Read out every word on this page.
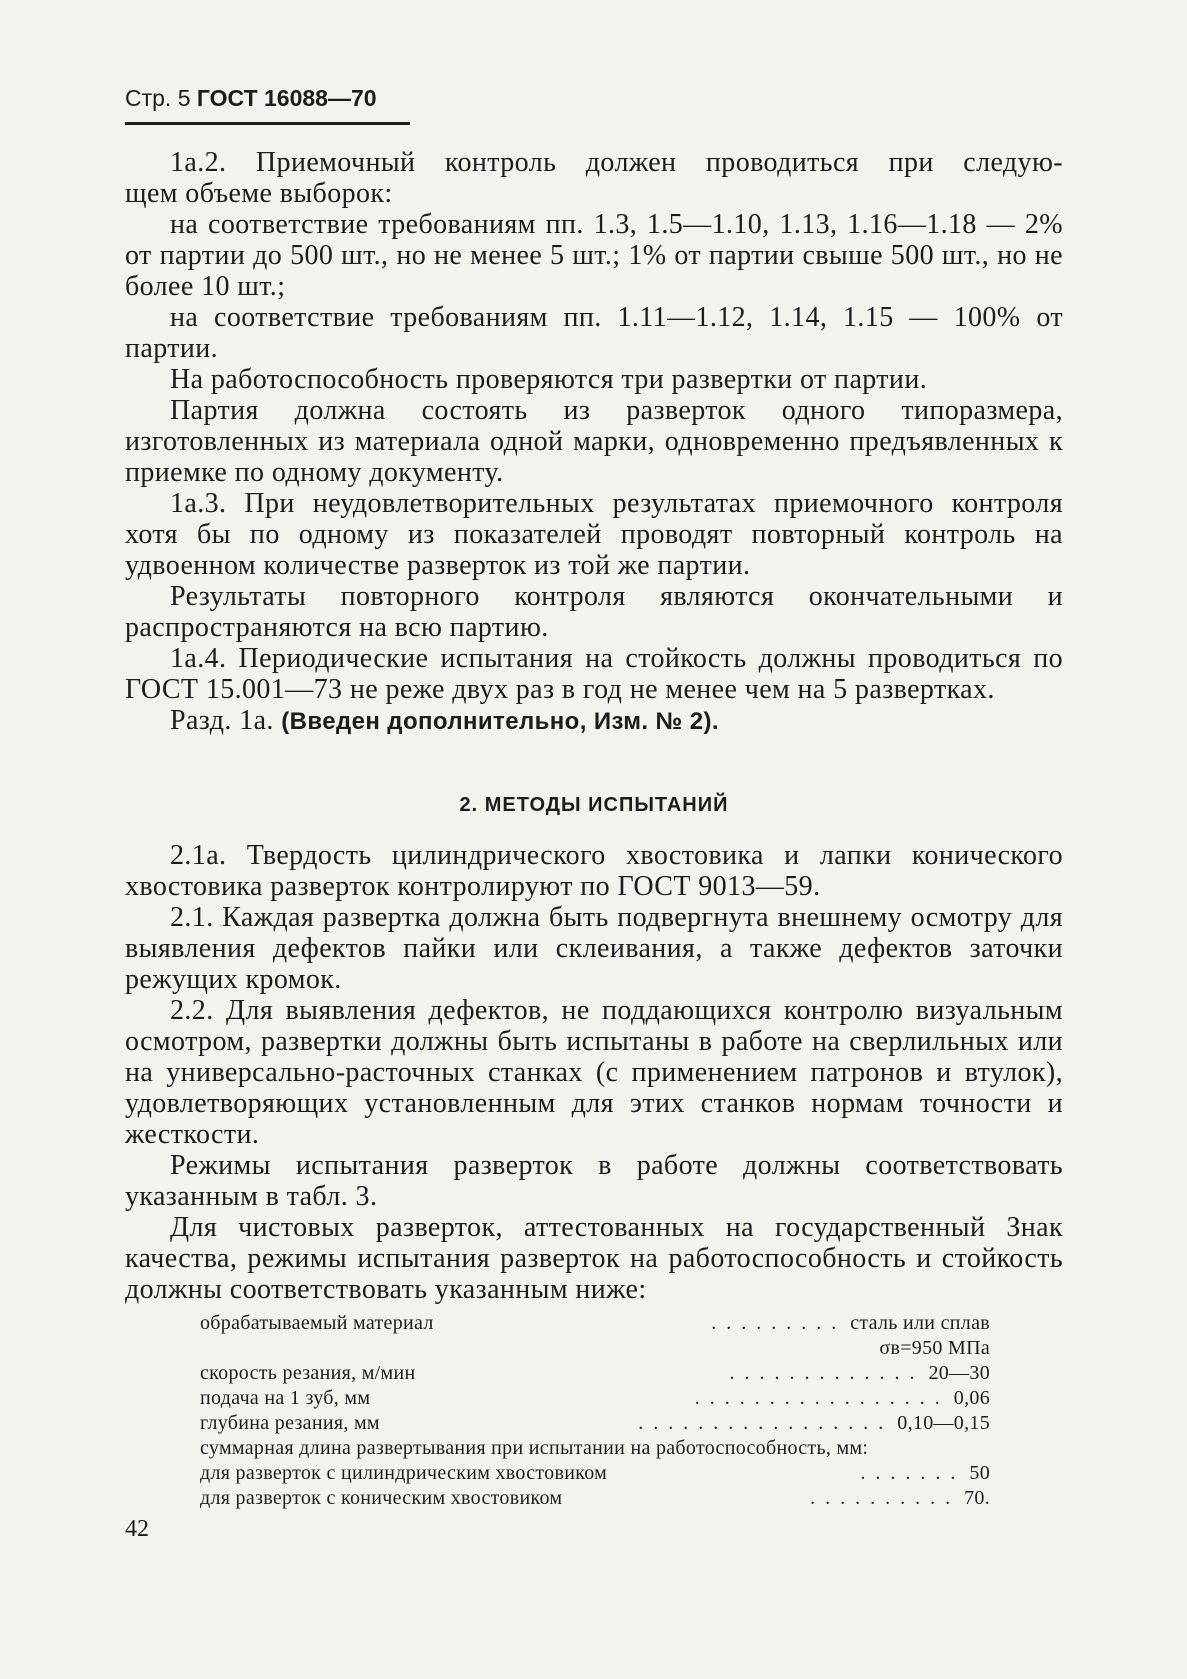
Стр. 5 ГОСТ 16088—70

1а.2. Приемочный контроль должен проводиться при следую-

щем объеме выборок:

на соответствие требованиям пп. 1.3, 1.5—1.10, 1.13, 1.16—1.18 — 2% от партии до 500 шт., но не менее 5 шт.; 1% от партии свыше 500 шт., но не более 10 шт.;

на соответствие требованиям пп. 1.11—1.12, 1.14, 1.15 — 100% от партии.

На работоспособность проверяются три развертки от партии.

Партия должна состоять из разверток одного типоразмера, изготовленных из материала одной марки, одновременно предъявленных к приемке по одному документу.

1а.3. При неудовлетворительных результатах приемочного контроля хотя бы по одному из показателей проводят повторный контроль на удвоенном количестве разверток из той же партии.

Результаты повторного контроля являются окончательными и распространяются на всю партию.

1а.4. Периодические испытания на стойкость должны проводиться по ГОСТ 15.001—73 не реже двух раз в год не менее чем на 5 развертках.

Разд. 1а. (Введен дополнительно, Изм. № 2).

2. МЕТОДЫ ИСПЫТАНИЙ

2.1а. Твердость цилиндрического хвостовика и лапки конического хвостовика разверток контролируют по ГОСТ 9013—59.

2.1. Каждая развертка должна быть подвергнута внешнему осмотру для выявления дефектов пайки или склеивания, а также дефектов заточки режущих кромок.

2.2. Для выявления дефектов, не поддающихся контролю визуальным осмотром, развертки должны быть испытаны в работе на сверлильных или на универсально-расточных станках (с применением патронов и втулок), удовлетворяющих установленным для этих станков нормам точности и жесткости.

Режимы испытания разверток в работе должны соответствовать указанным в табл. 3.

Для чистовых разверток, аттестованных на государственный Знак качества, режимы испытания разверток на работоспособность и стойкость должны соответствовать указанным ниже:

обрабатываемый материал	......... сталь или сплав
σв=950 МПа
скорость резания, м/мин	............. 20—30
подача на 1 зуб, мм	................. 0,06
глубина резания, мм	................. 0,10—0,15
суммарная длина развертывания при испытании на работоспособность, мм:
для разверток с цилиндрическим хвостовиком	....... 50
для разверток с коническим хвостовиком	.......... 70.
42
